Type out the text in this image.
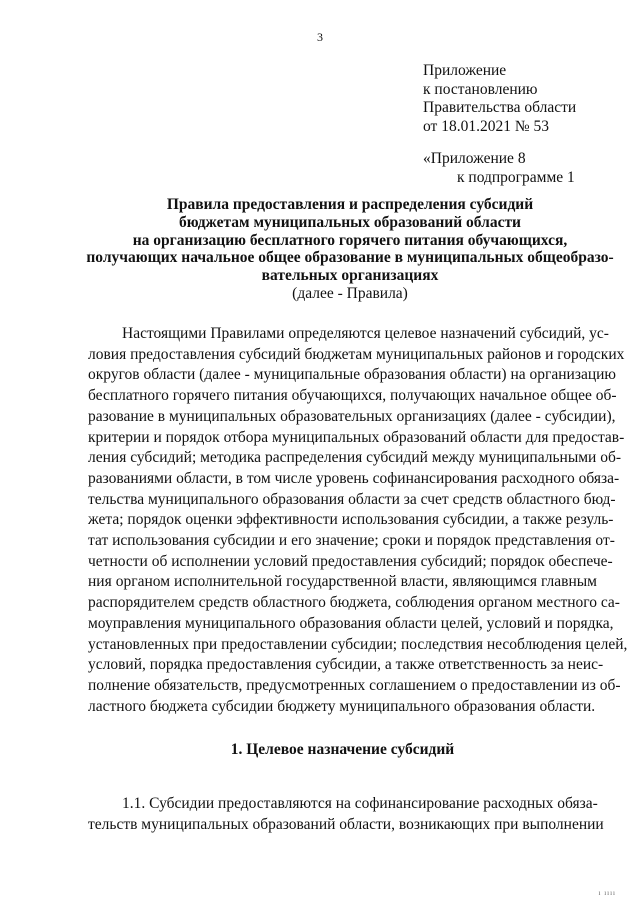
3
Приложение
к постановлению
Правительства области
от 18.01.2021 № 53
«Приложение 8
к подпрограмме 1
Правила предоставления и распределения субсидий
бюджетам муниципальных образований области
на организацию бесплатного горячего питания обучающихся,
получающих начальное общее образование в муниципальных общеобразо-
вательных организациях
(далее - Правила)
Настоящими Правилами определяются целевое назначений субсидий, ус-
ловия предоставления субсидий бюджетам муниципальных районов и городских
округов области (далее - муниципальные образования области) на организацию
бесплатного горячего питания обучающихся, получающих начальное общее об-
разование в муниципальных образовательных организациях (далее - субсидии),
критерии и порядок отбора муниципальных образований области для предостав-
ления субсидий; методика распределения субсидий между муниципальными об-
разованиями области, в том числе уровень софинансирования расходного обяза-
тельства муниципального образования области за счет средств областного бюд-
жета; порядок оценки эффективности использования субсидии, а также резуль-
тат использования субсидии и его значение; сроки и порядок представления от-
четности об исполнении условий предоставления субсидий; порядок обеспече-
ния органом исполнительной государственной власти, являющимся главным
распорядителем средств областного бюджета, соблюдения органом местного са-
моуправления муниципального образования области целей, условий и порядка,
установленных при предоставлении субсидии; последствия несоблюдения целей,
условий, порядка предоставления субсидии, а также ответственность за неис-
полнение обязательств, предусмотренных соглашением о предоставлении из об-
ластного бюджета субсидии бюджету муниципального образования области.
1. Целевое назначение субсидий
1.1. Субсидии предоставляются на софинансирование расходных обяза-
тельств муниципальных образований области, возникающих при выполнении
ı ıııı
